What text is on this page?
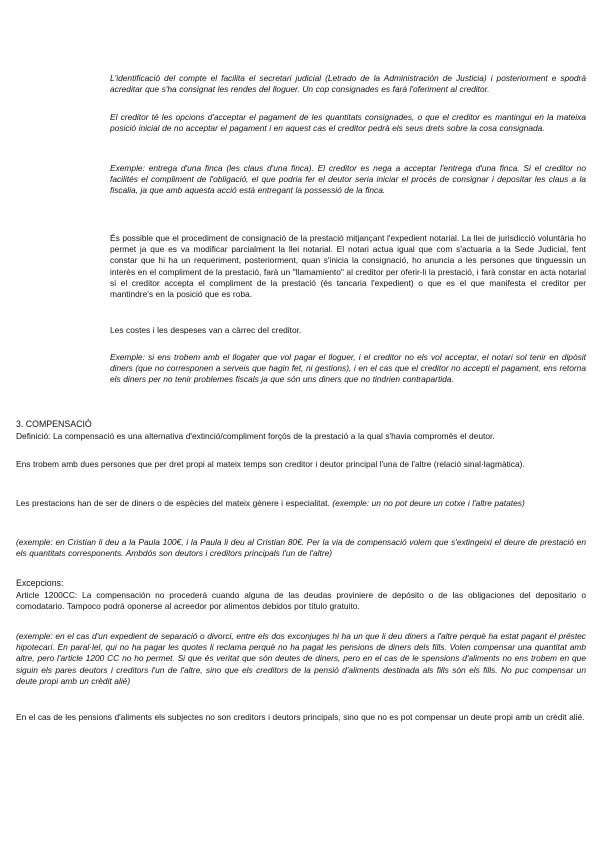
L'identificació del compte el facilita el secretari judicial (Letrado de la Administración de Justicia) i posteriorment e spodrà acreditar que s'ha consignat les rendes del lloguer. Un cop consignades es farà l'oferiment al creditor.

El creditor té les opcions d'acceptar el pagament de les quantitats consignades, o que el creditor es mantingui en la mateixa posició inicial de no acceptar el pagament i en aquest cas el creditor pedrà els seus drets sobre la cosa consignada.

Exemple: entrega d'una finca (les claus d'una finca). El creditor es nega a acceptar l'entrega d'una finca. Si el creditor no facilités el compliment de l'obligació, el que podria fer el deutor seria iniciar el procés de consignar i depositar les claus a la fiscalia, ja que amb aquesta acció està entregant la possessió de la finca.

És possible que el procediment de consignació de la prestació mitjançant l'expedient notarial. La llei de jurisdicció voluntària ho permet ja que es va modificar parcialment la llei notarial. El notari actua igual que com s'actuaria a la Sede Judicial, fent constar que hi ha un requeriment, posteriorment, quan s'inicia la consignació, ho anuncia a les persones que tinguessin un interès en el compliment de la prestació, farà un "llamamiento" al creditor per oferir-li la prestació, i farà constar en acta notarial si el creditor accepta el compliment de la prestació (és tancaria l'expedient) o que es el que manifesta el creditor per mantindre's en la posició que es roba.

Les costes i les despeses van a càrrec del creditor.

Exemple: si ens trobem amb el llogater que vol pagar el lloguer, i el creditor no els vol acceptar, el notari sol tenir en dipòsit diners (que no corresponen a serveis que hagin fet, ni gestions), i en el cas que el creditor no accepti el pagament, ens retorna els diners per no tenir problemes fiscals ja que són uns diners que no tindrien contrapartida.

3. COMPENSACIÓ

Definició: La compensació es una alternativa d'extinció/compliment forçós de la prestació a la qual s'havia compromès el deutor.

Ens trobem amb dues persones que per dret propi al mateix temps son creditor i deutor principal l'una de l'altre (relació sinal·lagmàtica).

Les prestacions han de ser de diners o de espècies del mateix gènere i especialitat. (exemple: un no pot deure un cotxe i l'altre patates)

(exemple: en Cristian li deu a la Paula 100€, i la Paula li deu al Cristian 80€. Per la via de compensació volem que s'extingeixi el deure de prestació en els quantitats corresponents. Ambdós son deutors i creditors principals l'un de l'altre)

Excepcions:

Article 1200CC: La compensación no procederá cuando alguna de las deudas proviniere de depósito o de las obligaciones del depositario o comodatario. Tampoco podrá oponerse al acreedor por alimentos debidos por título gratuito.

(exemple: en el cas d'un expedient de separació o divorci, entre els dos exconjuges hi ha un que li deu diners a l'altre perquè ha estat pagant el préstec hipotecari. En paral·lel, qui no ha pagar les quotes li reclama perquè no ha pagat les pensions de diners dels fills. Volen compensar una quantitat amb altre, pero l'article 1200 CC no ho permet. Si que és veritat que són deutes de diners, pero en el cas de le spensions d'aliments no ens trobem en que siguin els pares deutors i creditors l'un de l'altre, sino que els creditors de la pensió d'aliments destinada als fills són els fills. No puc compensar un deute propi amb un crèdit alié)

En el cas de les pensions d'aliments els subjectes no son creditors i deutors principals, sino que no es pot compensar un deute propi amb un crèdit alié.
